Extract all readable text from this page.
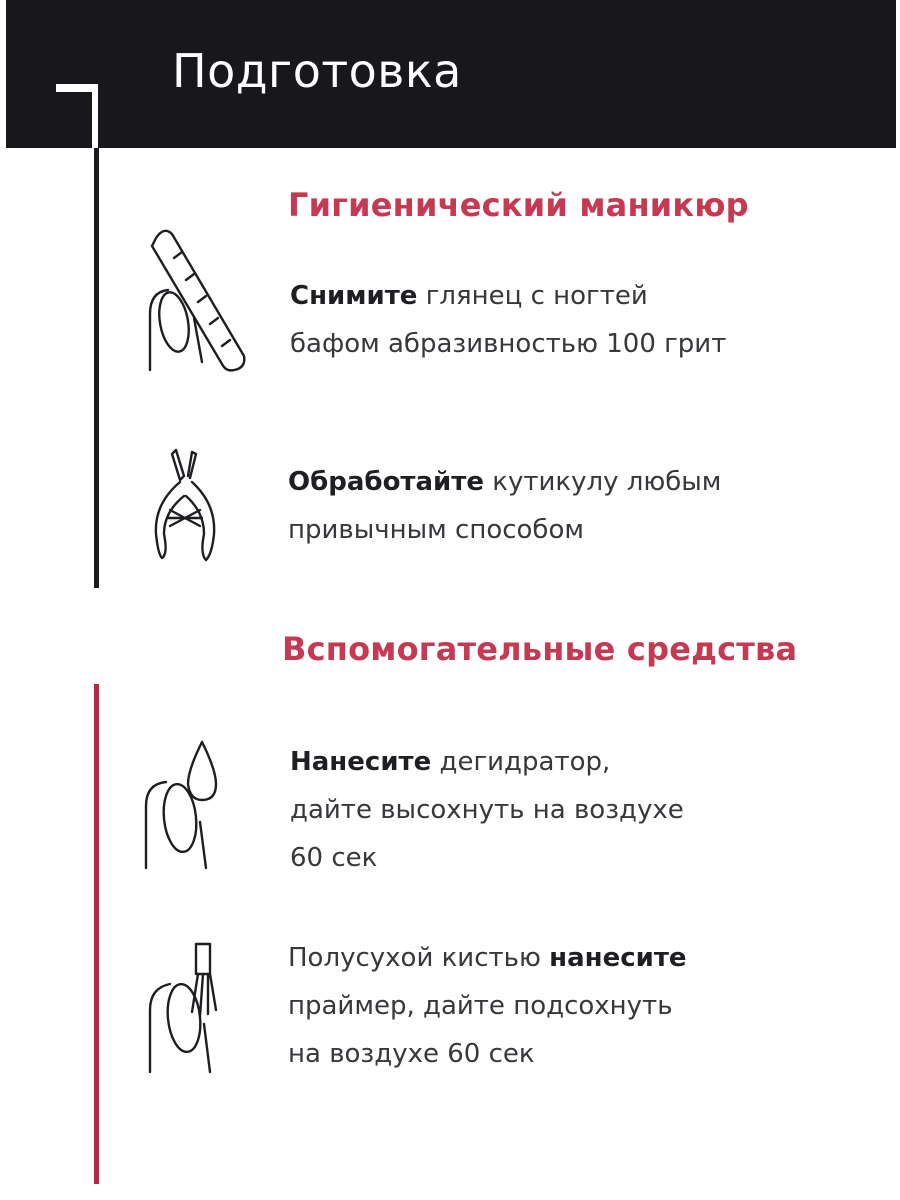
Подготовка
Гигиенический маникюр
Снимите глянец с ногтей
бафом абразивностью 100 грит
Обработайте кутикулу любым
привычным способом
Вспомогательные средства
Нанесите дегидратор,
дайте высохнуть на воздухе
60 сек
Полусухой кистью нанесите
праймер, дайте подсохнуть
на воздухе 60 сек
